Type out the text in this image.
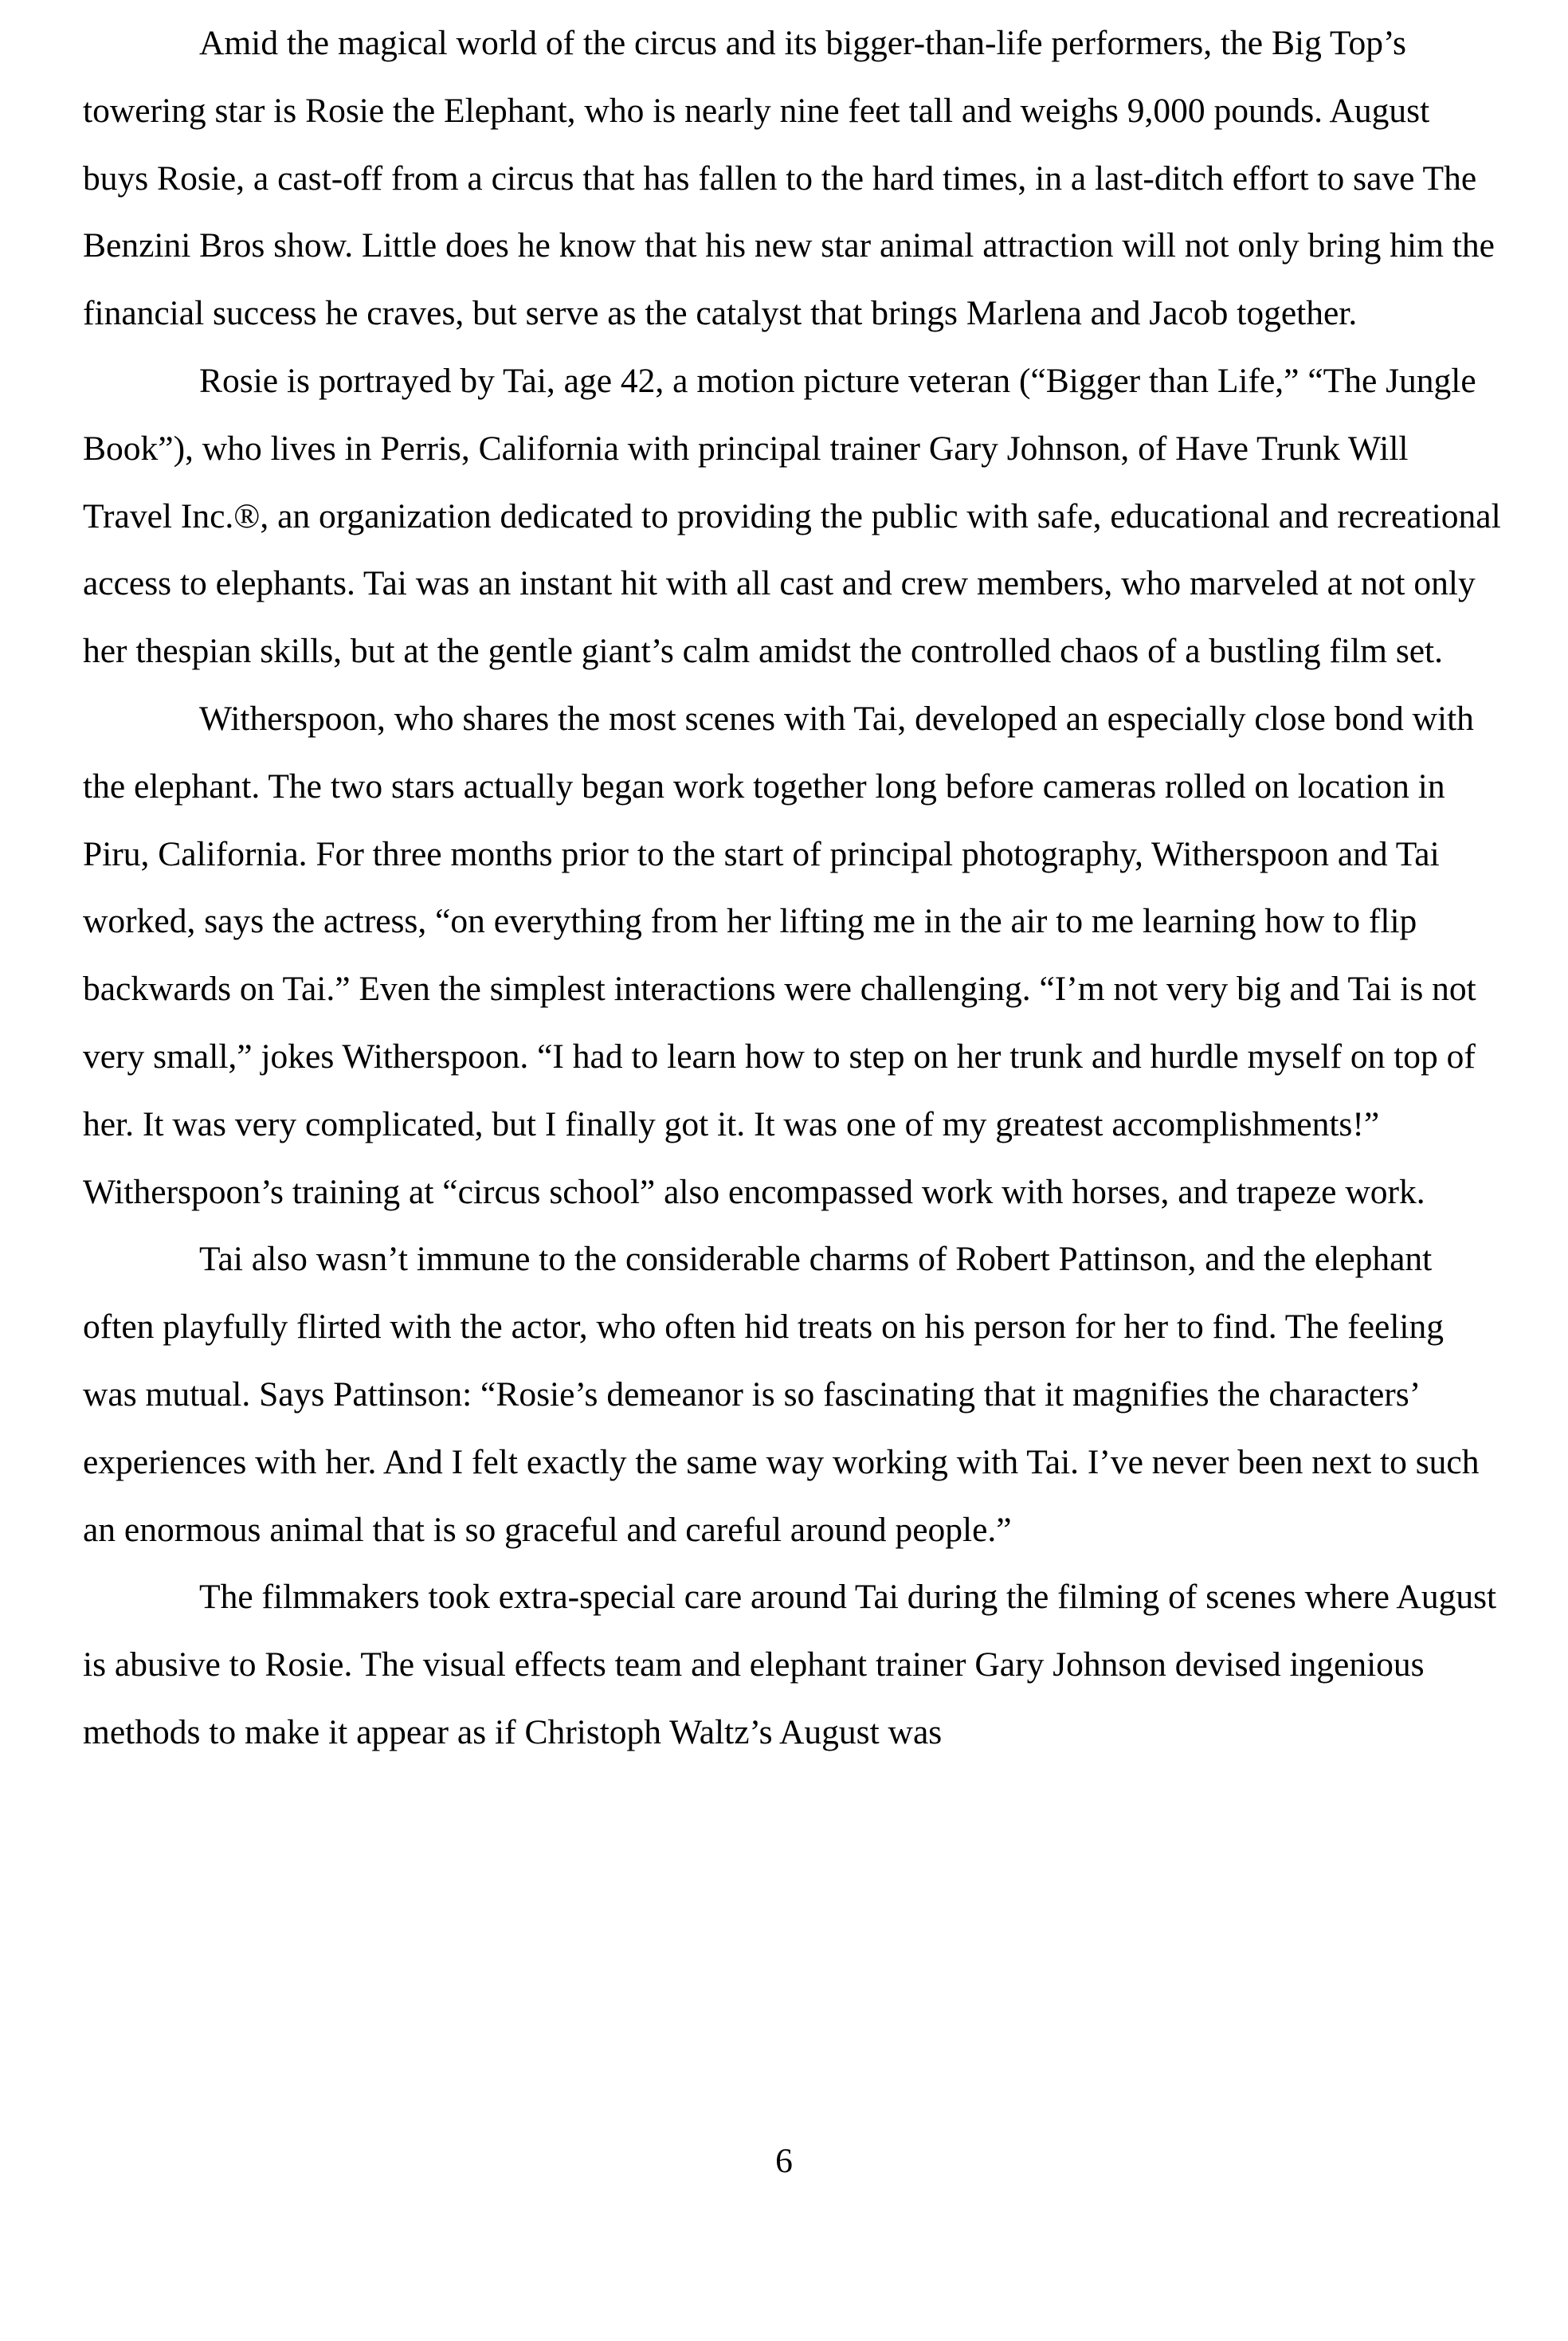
Amid the magical world of the circus and its bigger-than-life performers, the Big Top’s towering star is Rosie the Elephant, who is nearly nine feet tall and weighs 9,000 pounds. August buys Rosie, a cast-off from a circus that has fallen to the hard times, in a last-ditch effort to save The Benzini Bros show. Little does he know that his new star animal attraction will not only bring him the financial success he craves, but serve as the catalyst that brings Marlena and Jacob together.

Rosie is portrayed by Tai, age 42, a motion picture veteran (“Bigger than Life,” “The Jungle Book”), who lives in Perris, California with principal trainer Gary Johnson, of Have Trunk Will Travel Inc.®, an organization dedicated to providing the public with safe, educational and recreational access to elephants. Tai was an instant hit with all cast and crew members, who marveled at not only her thespian skills, but at the gentle giant’s calm amidst the controlled chaos of a bustling film set.

Witherspoon, who shares the most scenes with Tai, developed an especially close bond with the elephant. The two stars actually began work together long before cameras rolled on location in Piru, California. For three months prior to the start of principal photography, Witherspoon and Tai worked, says the actress, “on everything from her lifting me in the air to me learning how to flip backwards on Tai.” Even the simplest interactions were challenging. “I’m not very big and Tai is not very small,” jokes Witherspoon. “I had to learn how to step on her trunk and hurdle myself on top of her. It was very complicated, but I finally got it. It was one of my greatest accomplishments!” Witherspoon’s training at “circus school” also encompassed work with horses, and trapeze work.

Tai also wasn’t immune to the considerable charms of Robert Pattinson, and the elephant often playfully flirted with the actor, who often hid treats on his person for her to find. The feeling was mutual. Says Pattinson: “Rosie’s demeanor is so fascinating that it magnifies the characters’ experiences with her. And I felt exactly the same way working with Tai. I’ve never been next to such an enormous animal that is so graceful and careful around people.”

The filmmakers took extra-special care around Tai during the filming of scenes where August is abusive to Rosie. The visual effects team and elephant trainer Gary Johnson devised ingenious methods to make it appear as if Christoph Waltz’s August was

6
